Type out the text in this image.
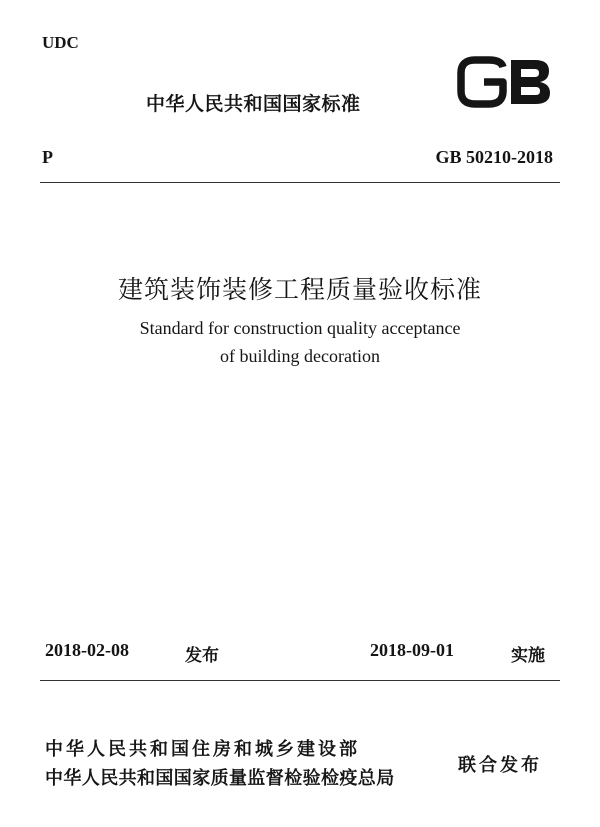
UDC
中华人民共和国国家标准
P	GB 50210-2018
建筑装饰装修工程质量验收标准
Standard for construction quality acceptance
of building decoration
2018-02-08	发布	2018-09-01	实施
中华人民共和国住房和城乡建设部
中华人民共和国国家质量监督检验检疫总局
联合发布
